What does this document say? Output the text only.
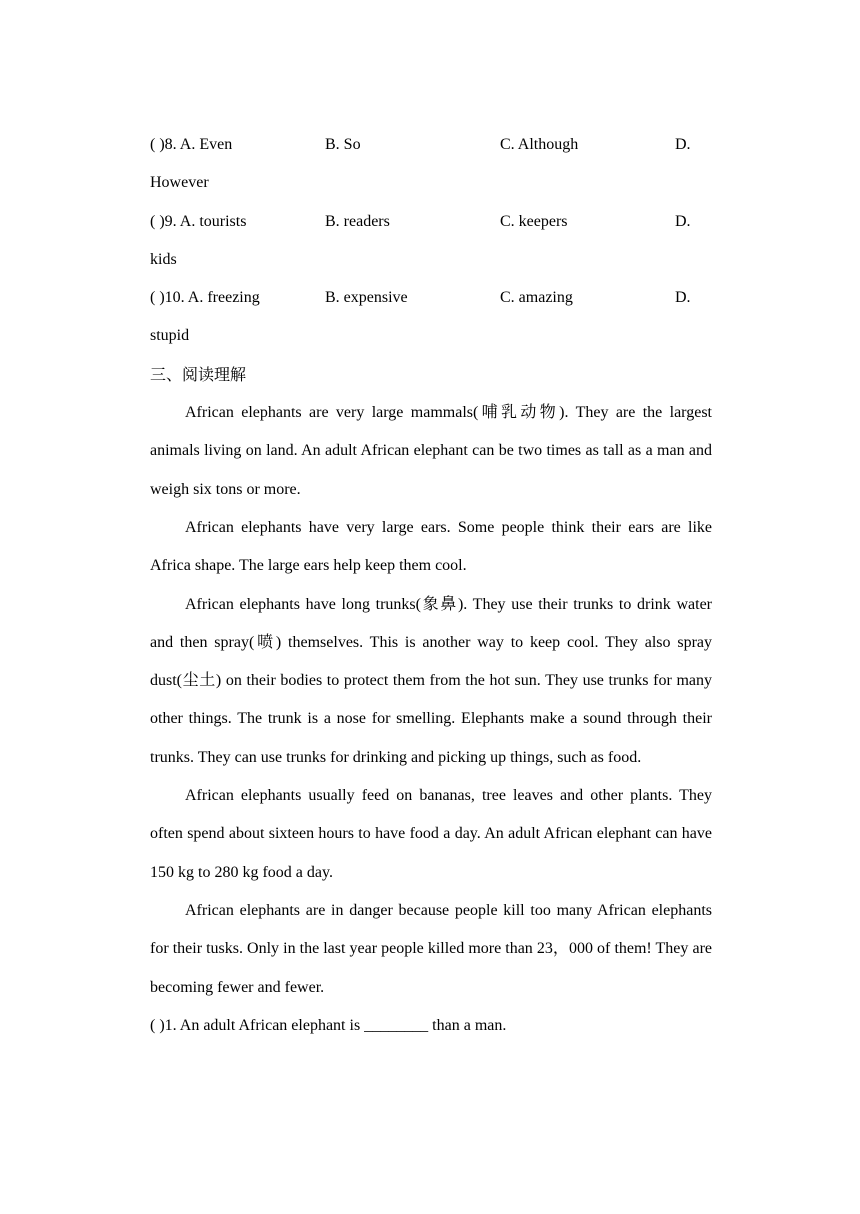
( )8. A. Even	B. So	C. Although	D.
However
( )9. A. tourists	B. readers	C. keepers	D.
kids
( )10. A. freezing	B. expensive	C. amazing	D.
stupid
三、阅读理解

African elephants are very large mammals(哺乳动物). They are the largest animals living on land. An adult African elephant can be two times as tall as a man and weigh six tons or more.

African elephants have very large ears. Some people think their ears are like Africa shape. The large ears help keep them cool.

African elephants have long trunks(象鼻). They use their trunks to drink water and then spray(喷) themselves. This is another way to keep cool. They also spray dust(尘土) on their bodies to protect them from the hot sun. They use trunks for many other things. The trunk is a nose for smelling. Elephants make a sound through their trunks. They can use trunks for drinking and picking up things, such as food.

African elephants usually feed on bananas, tree leaves and other plants. They often spend about sixteen hours to have food a day. An adult African elephant can have 150 kg to 280 kg food a day.

African elephants are in danger because people kill too many African elephants for their tusks. Only in the last year people killed more than 23，000 of them! They are becoming fewer and fewer.

( )1. An adult African elephant is ________ than a man.
